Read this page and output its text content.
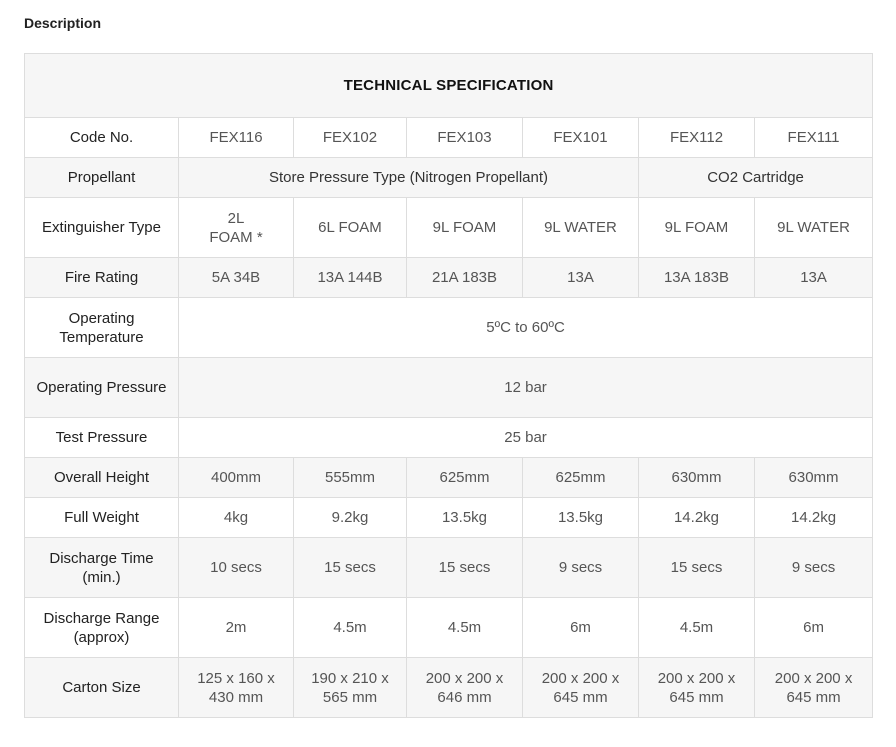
Description
TECHNICAL SPECIFICATION						
Code No.	FEX116	FEX102	FEX103	FEX101	FEX112	FEX111
Propellant	Store Pressure Type (Nitrogen Propellant)				CO2 Cartridge	
Extinguisher Type	2L FOAM *	6L FOAM	9L FOAM	9L WATER	9L FOAM	9L WATER
Fire Rating	5A 34B	13A 144B	21A 183B	13A	13A 183B	13A
Operating Temperature	5ºC to 60ºC					
Operating Pressure	12 bar					
Test Pressure	25 bar					
Overall Height	400mm	555mm	625mm	625mm	630mm	630mm
Full Weight	4kg	9.2kg	13.5kg	13.5kg	14.2kg	14.2kg
Discharge Time (min.)	10 secs	15 secs	15 secs	9 secs	15 secs	9 secs
Discharge Range (approx)	2m	4.5m	4.5m	6m	4.5m	6m
Carton Size	125 x 160 x 430 mm	190 x 210 x 565 mm	200 x 200 x 646 mm	200 x 200 x 645 mm	200 x 200 x 645 mm	200 x 200 x 645 mm
